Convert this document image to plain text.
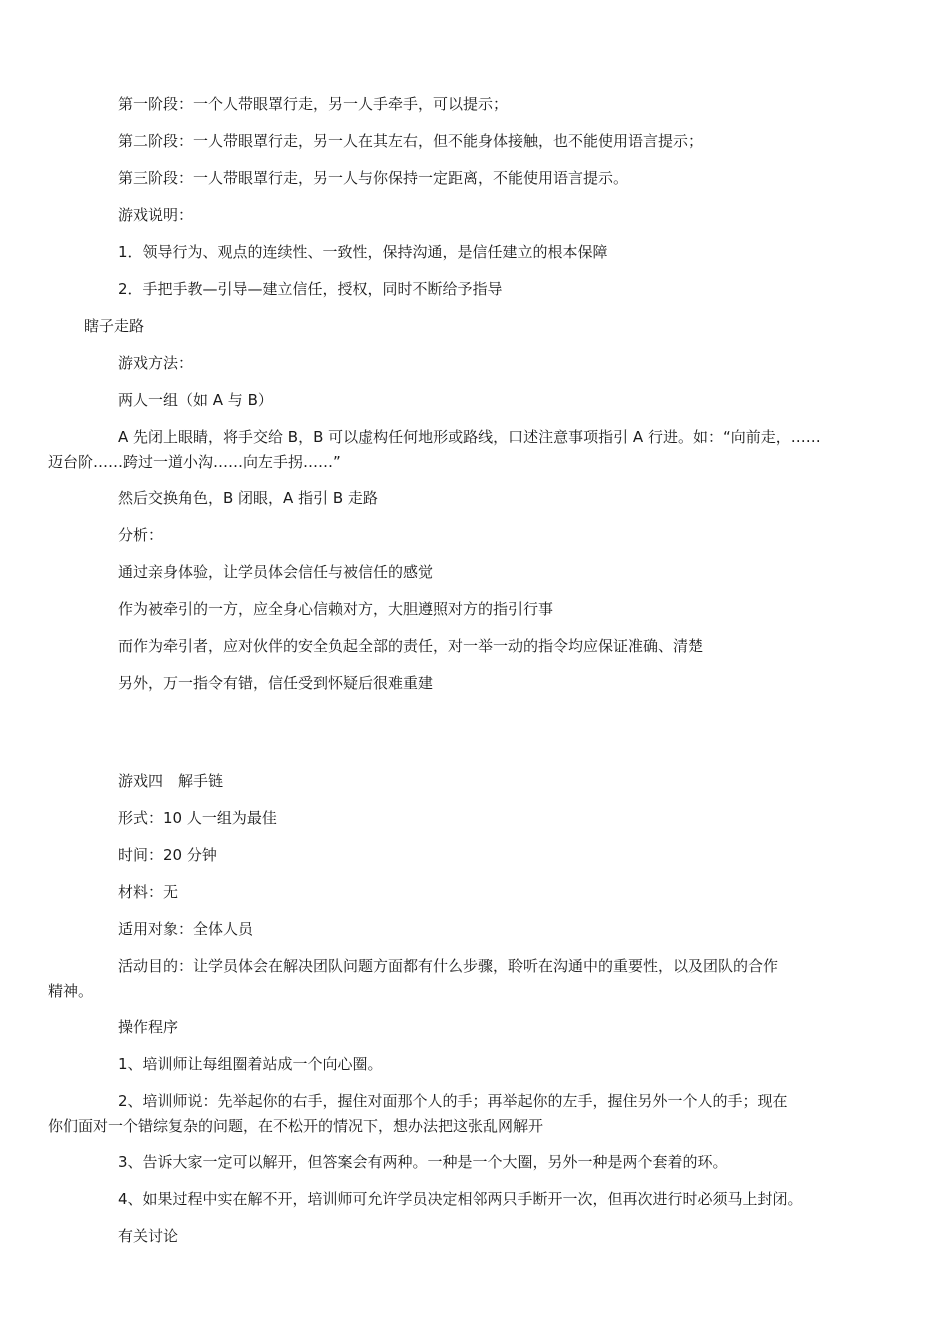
第一阶段：一个人带眼罩行走，另一人手牵手，可以提示；
第二阶段：一人带眼罩行走，另一人在其左右，但不能身体接触，也不能使用语言提示；
第三阶段：一人带眼罩行走，另一人与你保持一定距离，不能使用语言提示。
游戏说明：
1．领导行为、观点的连续性、一致性，保持沟通，是信任建立的根本保障
2．手把手教—引导—建立信任，授权，同时不断给予指导
瞎子走路
游戏方法：
两人一组（如 A 与 B）
A 先闭上眼睛，将手交给 B，B 可以虚构任何地形或路线，口述注意事项指引 A 行进。如：“向前走，……
迈台阶……跨过一道小沟……向左手拐……”
然后交换角色，B 闭眼，A 指引 B 走路
分析：
通过亲身体验，让学员体会信任与被信任的感觉
作为被牵引的一方，应全身心信赖对方，大胆遵照对方的指引行事
而作为牵引者，应对伙伴的安全负起全部的责任，对一举一动的指令均应保证准确、清楚
另外，万一指令有错，信任受到怀疑后很难重建
游戏四　解手链
形式：10 人一组为最佳
时间：20 分钟
材料：无
适用对象：全体人员
活动目的：让学员体会在解决团队问题方面都有什么步骤，聆听在沟通中的重要性，以及团队的合作
精神。
操作程序
1、培训师让每组圈着站成一个向心圈。
2、培训师说：先举起你的右手，握住对面那个人的手；再举起你的左手，握住另外一个人的手；现在
你们面对一个错综复杂的问题，在不松开的情况下，想办法把这张乱网解开
3、告诉大家一定可以解开，但答案会有两种。一种是一个大圈，另外一种是两个套着的环。
4、如果过程中实在解不开，培训师可允许学员决定相邻两只手断开一次，但再次进行时必须马上封闭。
有关讨论
